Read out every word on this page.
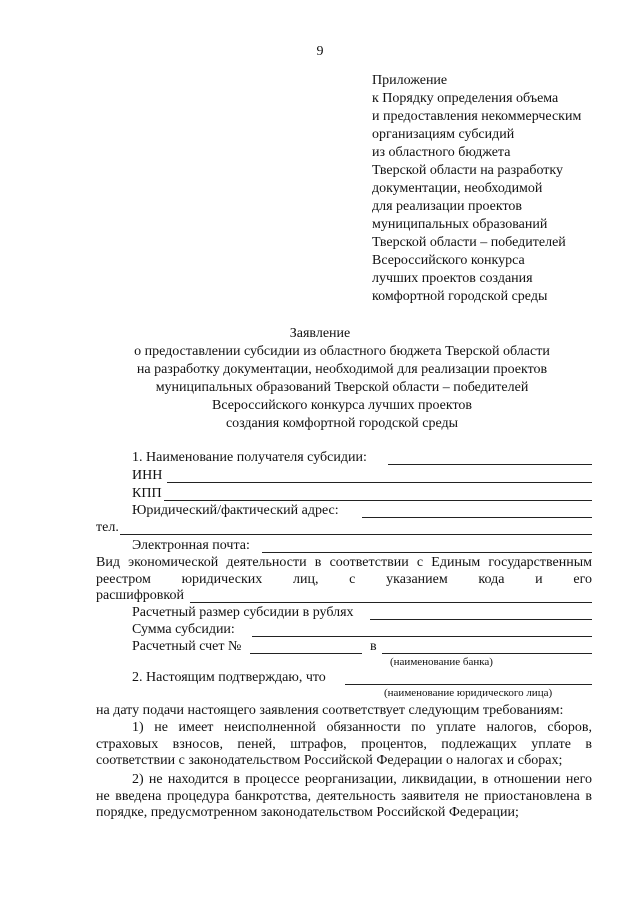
9
Приложение
к Порядку определения объема
и предоставления некоммерческим
организациям субсидий
из областного бюджета
Тверской области на разработку
документации, необходимой
для реализации проектов
муниципальных образований
Тверской области – победителей
Всероссийского конкурса
лучших проектов создания
комфортной городской среды
Заявление
о предоставлении субсидии из областного бюджета Тверской области
на разработку документации, необходимой для реализации проектов
муниципальных образований Тверской области – победителей
Всероссийского конкурса лучших проектов
создания комфортной городской среды
1. Наименование получателя субсидии:
ИНН
КПП
Юридический/фактический адрес:
тел.
Электронная почта:
Вид экономической деятельности в соответствии с Единым государственным реестром юридических лиц, с указанием кода и его
расшифровкой
Расчетный размер субсидии в рублях
Сумма субсидии:
Расчетный счет №	в
(наименование банка)
2. Настоящим подтверждаю, что
(наименование юридического лица)
на дату подачи настоящего заявления соответствует следующим требованиям:
1) не имеет неисполненной обязанности по уплате налогов, сборов, страховых взносов, пеней, штрафов, процентов, подлежащих уплате в соответствии с законодательством Российской Федерации о налогах и сборах;
2) не находится в процессе реорганизации, ликвидации, в отношении него не введена процедура банкротства, деятельность заявителя не приостановлена в порядке, предусмотренном законодательством Российской Федерации;
